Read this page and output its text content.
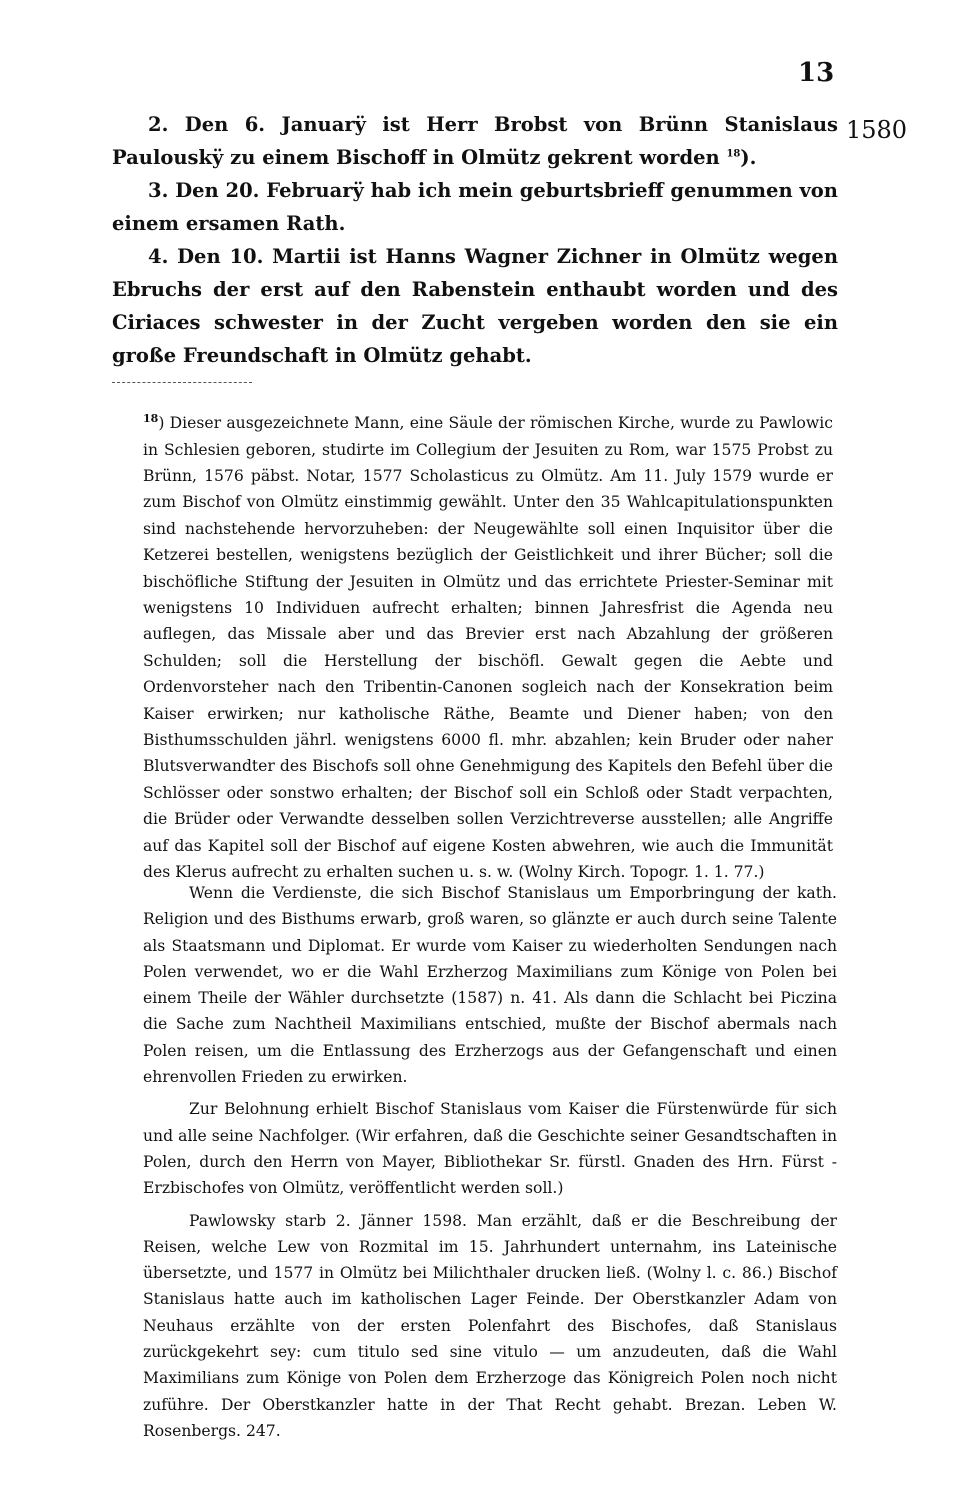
13
1580

2. Den 6. Januarÿ ist Herr Brobst von Brünn Stanislaus Paulouskÿ zu einem Bischoff in Olmütz gekrent worden $^{18}$).

3. Den 20. Februarÿ hab ich mein geburtsbrieff genummen von einem ersamen Rath.

4. Den 10. Martii ist Hanns Wagner Zichner in Olmütz wegen Ebruchs der erst auf den Rabenstein enthaubt worden und des Ciriaces schwester in der Zucht vergeben worden den sie ein große Freundschaft in Olmütz gehabt.

$^{18}$) Dieser ausgezeichnete Mann, eine Säule der römischen Kirche, wurde zu Pawlowic in Schlesien geboren, studirte im Collegium der Jesuiten zu Rom, war 1575 Probst zu Brünn, 1576 päbst. Notar, 1577 Scholasticus zu Olmütz. Am 11. July 1579 wurde er zum Bischof von Olmütz einstimmig gewählt. Unter den 35 Wahlcapitulationspunkten sind nachstehende hervorzuheben: der Neugewählte soll einen Inquisitor über die Ketzerei bestellen, wenigstens bezüglich der Geistlichkeit und ihrer Bücher; soll die bischöfliche Stiftung der Jesuiten in Olmütz und das errichtete Priester-Seminar mit wenigstens 10 Individuen aufrecht erhalten; binnen Jahresfrist die Agenda neu auflegen, das Missale aber und das Brevier erst nach Abzahlung der größeren Schulden; soll die Herstellung der bischöfl. Gewalt gegen die Aebte und Ordenvorsteher nach den Tribentin-Canonen sogleich nach der Konsekration beim Kaiser erwirken; nur katholische Räthe, Beamte und Diener haben; von den Bisthumsschulden jährl. wenigstens 6000 fl. mhr. abzahlen; kein Bruder oder naher Blutsverwandter des Bischofs soll ohne Genehmigung des Kapitels den Befehl über die Schlösser oder sonstwo erhalten; der Bischof soll ein Schloß oder Stadt verpachten, die Brüder oder Verwandte desselben sollen Verzichtreverse ausstellen; alle Angriffe auf das Kapitel soll der Bischof auf eigene Kosten abwehren, wie auch die Immunität des Klerus aufrecht zu erhalten suchen u. s. w. (Wolny Kirch. Topogr. 1. 1. 77.)

Wenn die Verdienste, die sich Bischof Stanislaus um Emporbringung der kath. Religion und des Bisthums erwarb, groß waren, so glänzte er auch durch seine Talente als Staatsmann und Diplomat. Er wurde vom Kaiser zu wiederholten Sendungen nach Polen verwendet, wo er die Wahl Erzherzog Maximilians zum Könige von Polen bei einem Theile der Wähler durchsetzte (1587) n. 41. Als dann die Schlacht bei Piczina die Sache zum Nachtheil Maximilians entschied, mußte der Bischof abermals nach Polen reisen, um die Entlassung des Erzherzogs aus der Gefangenschaft und einen ehrenvollen Frieden zu erwirken.

Zur Belohnung erhielt Bischof Stanislaus vom Kaiser die Fürstenwürde für sich und alle seine Nachfolger. (Wir erfahren, daß die Geschichte seiner Gesandtschaften in Polen, durch den Herrn von Mayer, Bibliothekar Sr. fürstl. Gnaden des Hrn. Fürst - Erzbischofes von Olmütz, veröffentlicht werden soll.)

Pawlowsky starb 2. Jänner 1598. Man erzählt, daß er die Beschreibung der Reisen, welche Lew von Rozmital im 15. Jahrhundert unternahm, ins Lateinische übersetzte, und 1577 in Olmütz bei Milichthaler drucken ließ. (Wolny l. c. 86.) Bischof Stanislaus hatte auch im katholischen Lager Feinde. Der Oberstkanzler Adam von Neuhaus erzählte von der ersten Polenfahrt des Bischofes, daß Stanislaus zurückgekehrt sey: cum titulo sed sine vitulo — um anzudeuten, daß die Wahl Maximilians zum Könige von Polen dem Erzherzoge das Königreich Polen noch nicht zuführe. Der Oberstkanzler hatte in der That Recht gehabt. Brezan. Leben W. Rosenbergs. 247.
